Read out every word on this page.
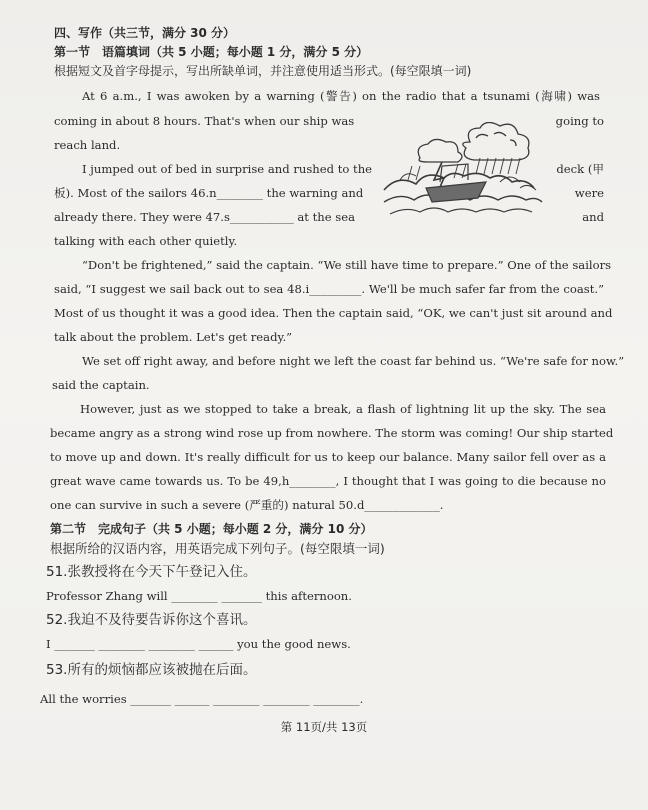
四、写作（共三节，满分 30 分）
第一节　语篇填词（共 5 小题；每小题 1 分，满分 5 分）
根据短文及首字母提示，写出所缺单词，并注意使用适当形式。(每空限填一词)
At 6 a.m., I was awoken by a warning (警告) on the radio that a tsunami (海啸) was
coming in about 8 hours. That's when our ship was	going to
reach land.
I jumped out of bed in surprise and rushed to the	deck (甲
板). Most of the sailors 46.n________ the warning and	were
already there. They were 47.s___________ at the sea	and
talking with each other quietly.
“Don't be frightened,” said the captain. “We still have time to prepare.” One of the sailors
said, “I suggest we sail back out to sea 48.i_________. We'll be much safer far from the coast.”
Most of us thought it was a good idea. Then the captain said, “OK, we can't just sit around and
talk about the problem. Let's get ready.”
We set off right away, and before night we left the coast far behind us. “We're safe for now.”
said the captain.
However, just as we stopped to take a break, a flash of lightning lit up the sky. The sea
became angry as a strong wind rose up from nowhere. The storm was coming! Our ship started
to move up and down. It's really difficult for us to keep our balance. Many sailor fell over as a
great wave came towards us. To be 49,h________, I thought that I was going to die because no
one can survive in such a severe (严重的) natural 50.d_____________.
第二节　完成句子（共 5 小题；每小题 2 分，满分 10 分）
根据所给的汉语内容，用英语完成下列句子。(每空限填一词)
51.张教授将在今天下午登记入住。
Professor Zhang will ________ _______ this afternoon.
52.我迫不及待要告诉你这个喜讯。
I _______ ________ ________ ______ you the good news.
53.所有的烦恼都应该被抛在后面。
All the worries _______ ______ ________ ________ ________.
第 11页/共 13页
